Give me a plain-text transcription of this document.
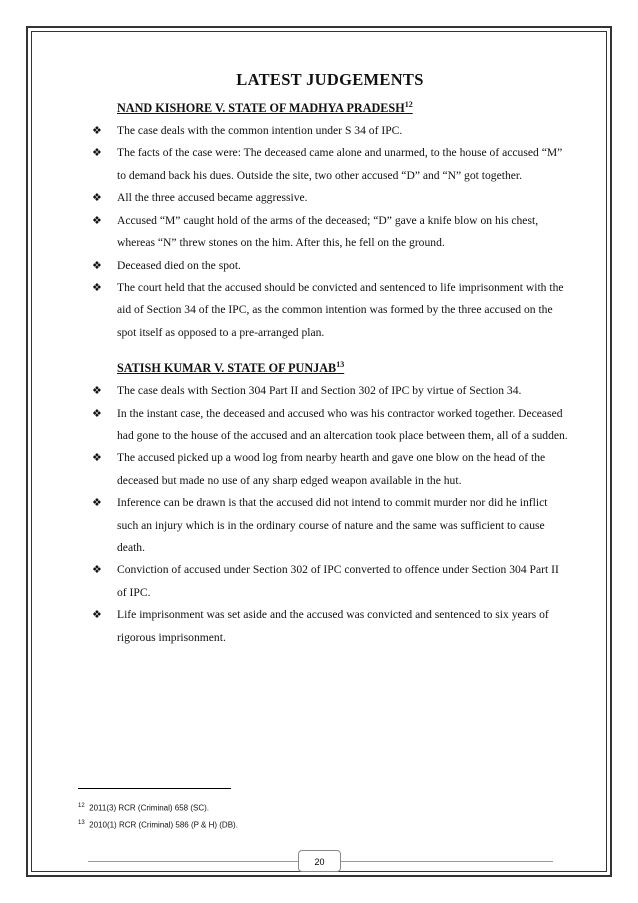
LATEST JUDGEMENTS
NAND KISHORE V. STATE OF MADHYA PRADESH$^{12}$
❖ The case deals with the common intention under S 34 of IPC.
❖ The facts of the case were: The deceased came alone and unarmed, to the house of accused “M” to demand back his dues. Outside the site, two other accused “D” and “N” got together.
❖ All the three accused became aggressive.
❖ Accused “M” caught hold of the arms of the deceased; “D” gave a knife blow on his chest, whereas “N” threw stones on the him. After this, he fell on the ground.
❖ Deceased died on the spot.
❖ The court held that the accused should be convicted and sentenced to life imprisonment with the aid of Section 34 of the IPC, as the common intention was formed by the three accused on the spot itself as opposed to a pre-arranged plan.
SATISH KUMAR V. STATE OF PUNJAB$^{13}$
❖ The case deals with Section 304 Part II and Section 302 of IPC by virtue of Section 34.
❖ In the instant case, the deceased and accused who was his contractor worked together. Deceased had gone to the house of the accused and an altercation took place between them, all of a sudden.
❖ The accused picked up a wood log from nearby hearth and gave one blow on the head of the deceased but made no use of any sharp edged weapon available in the hut.
❖ Inference can be drawn is that the accused did not intend to commit murder nor did he inflict such an injury which is in the ordinary course of nature and the same was sufficient to cause death.
❖ Conviction of accused under Section 302 of IPC converted to offence under Section 304 Part II of IPC.
❖ Life imprisonment was set aside and the accused was convicted and sentenced to six years of rigorous imprisonment.
$^{12}$ 2011(3) RCR (Criminal) 658 (SC).
$^{13}$ 2010(1) RCR (Criminal) 586 (P & H) (DB).
20
